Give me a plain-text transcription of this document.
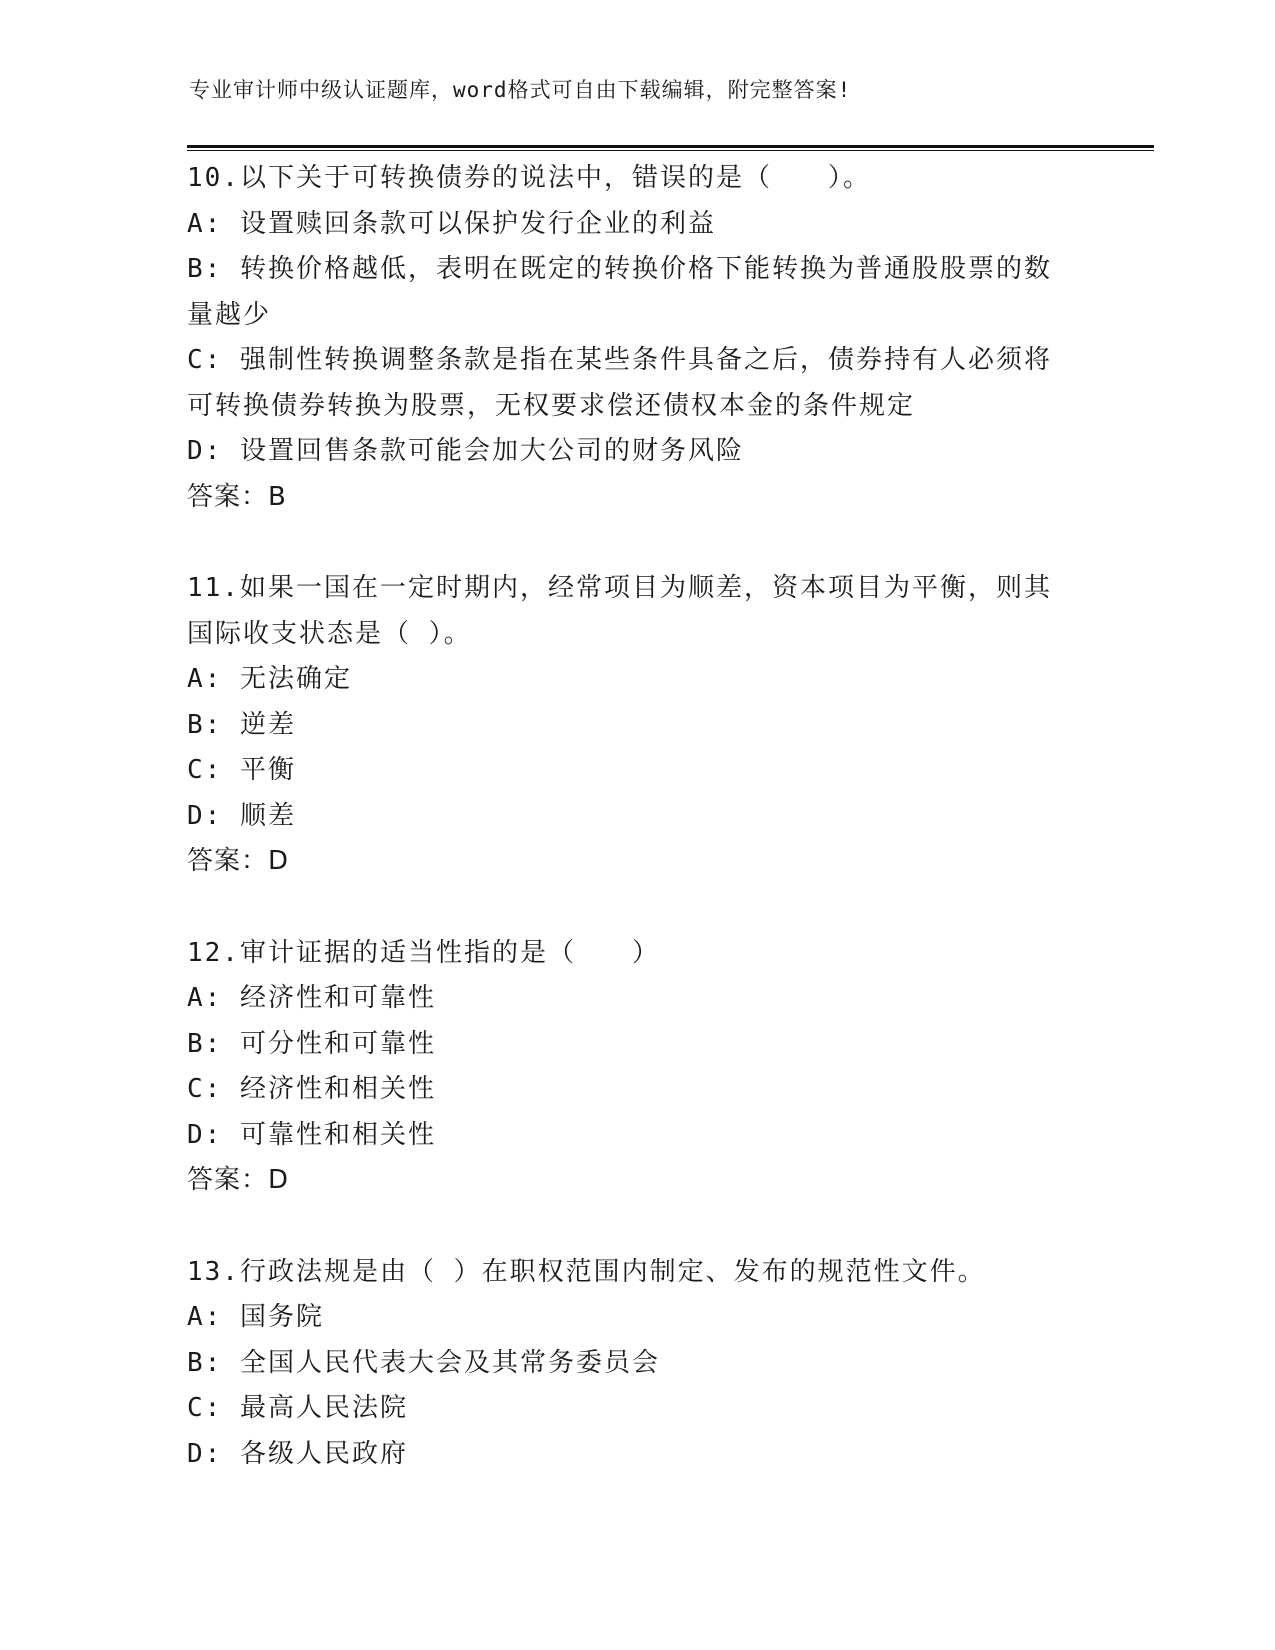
专业审计师中级认证题库，word格式可自由下载编辑，附完整答案!
10.以下关于可转换债券的说法中，错误的是（　　）。
A: 设置赎回条款可以保护发行企业的利益
B: 转换价格越低，表明在既定的转换价格下能转换为普通股股票的数
量越少
C: 强制性转换调整条款是指在某些条件具备之后，债券持有人必须将
可转换债券转换为股票，无权要求偿还债权本金的条件规定
D: 设置回售条款可能会加大公司的财务风险
答案：B
11.如果一国在一定时期内，经常项目为顺差，资本项目为平衡，则其
国际收支状态是（ ）。
A: 无法确定
B: 逆差
C: 平衡
D: 顺差
答案：D
12.审计证据的适当性指的是（　　）
A: 经济性和可靠性
B: 可分性和可靠性
C: 经济性和相关性
D: 可靠性和相关性
答案：D
13.行政法规是由（ ）在职权范围内制定、发布的规范性文件。
A: 国务院
B: 全国人民代表大会及其常务委员会
C: 最高人民法院
D: 各级人民政府
